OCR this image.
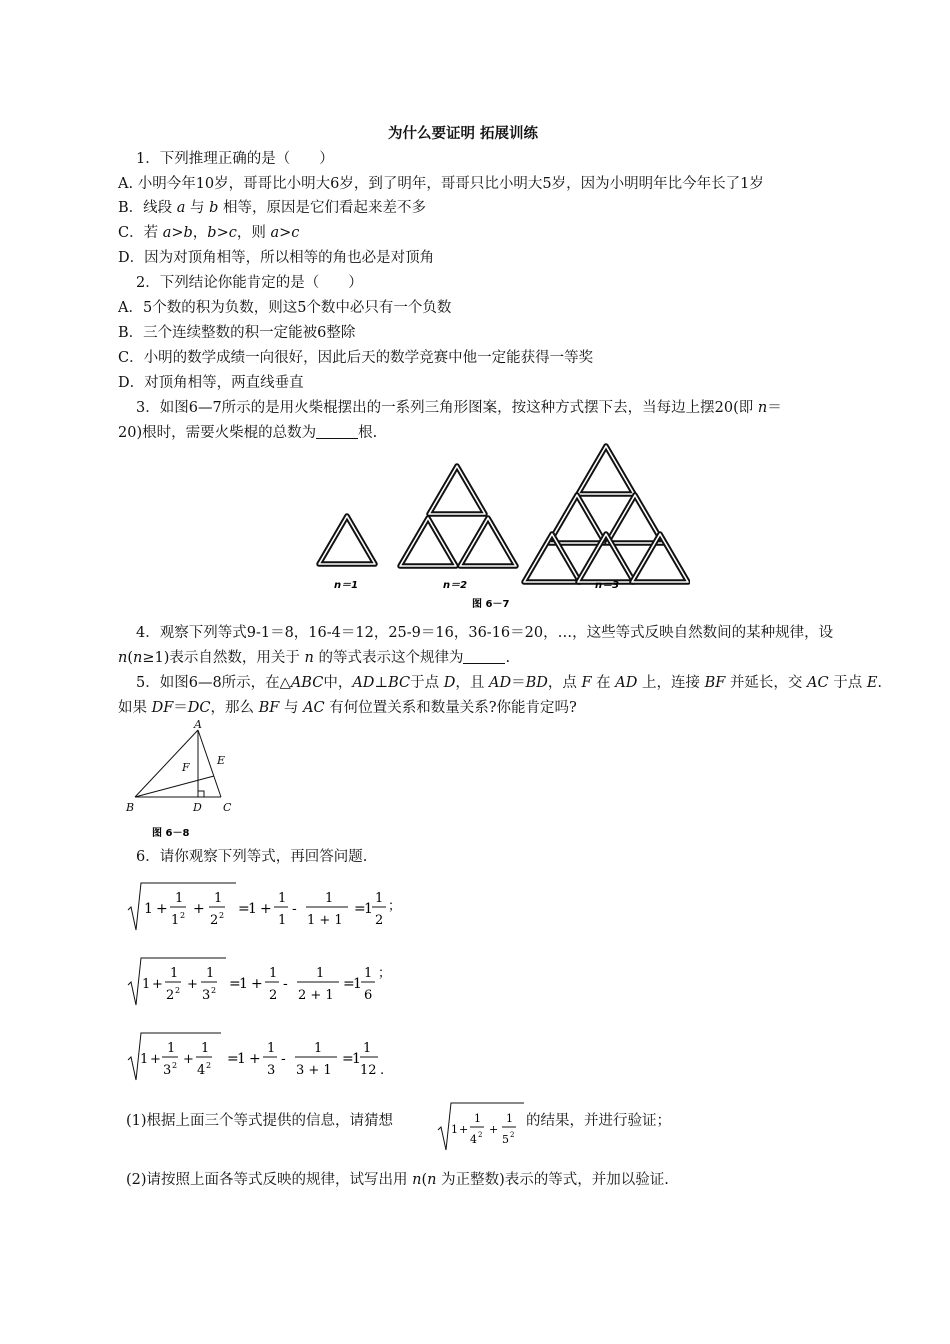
为什么要证明 拓展训练
1．下列推理正确的是（　　）
A. 小明今年10岁，哥哥比小明大6岁，到了明年，哥哥只比小明大5岁，因为小明明年比今年长了1岁
B．线段 a 与 b 相等，原因是它们看起来差不多
C．若 a>b，b>c，则 a>c
D．因为对顶角相等，所以相等的角也必是对顶角
2．下列结论你能肯定的是（　　）
A．5个数的积为负数，则这5个数中必只有一个负数
B．三个连续整数的积一定能被6整除
C．小明的数学成绩一向很好，因此后天的数学竞赛中他一定能获得一等奖
D．对顶角相等，两直线垂直
3．如图6—7所示的是用火柴棍摆出的一系列三角形图案，按这种方式摆下去，当每边上摆20(即 n＝
20)根时，需要火柴棍的总数为	根.
n＝1	n＝2	n＝3
图 6－7
4．观察下列等式9-1＝8，16-4＝12，25-9＝16，36-16＝20，…，这些等式反映自然数间的某种规律，设
n(n≥1)表示自然数，用关于 n 的等式表示这个规律为	.
5．如图6—8所示，在△ABC中，AD⊥BC于点 D，且 AD＝BD，点 F 在 AD 上，连接 BF 并延长，交 AC 于点 E.
如果 DF＝DC，那么 BF 与 AC 有何位置关系和数量关系?你能肯定吗?
A
E
F
B	D C
图 6－8
6．请你观察下列等式，再回答问题.
1 +
1
1 2 +
1
2 2 =
1 +
1
1
-
1
1 + 1
=
1
1
2
；
1 +
1
2 2 +
1
3 2 =
1 +
1
2
-
1
2 + 1
=
1
1
6
；
1 +
1
3 2 +
1
4 2 =
1 +
1
3
-
1
3 + 1
=
1
1
12 .
(1)根据上面三个等式提供的信息，请猜想
1 +
1
4 2 +
1
5 2
的结果，并进行验证；
(2)请按照上面各等式反映的规律，试写出用 n(n 为正整数)表示的等式，并加以验证.
